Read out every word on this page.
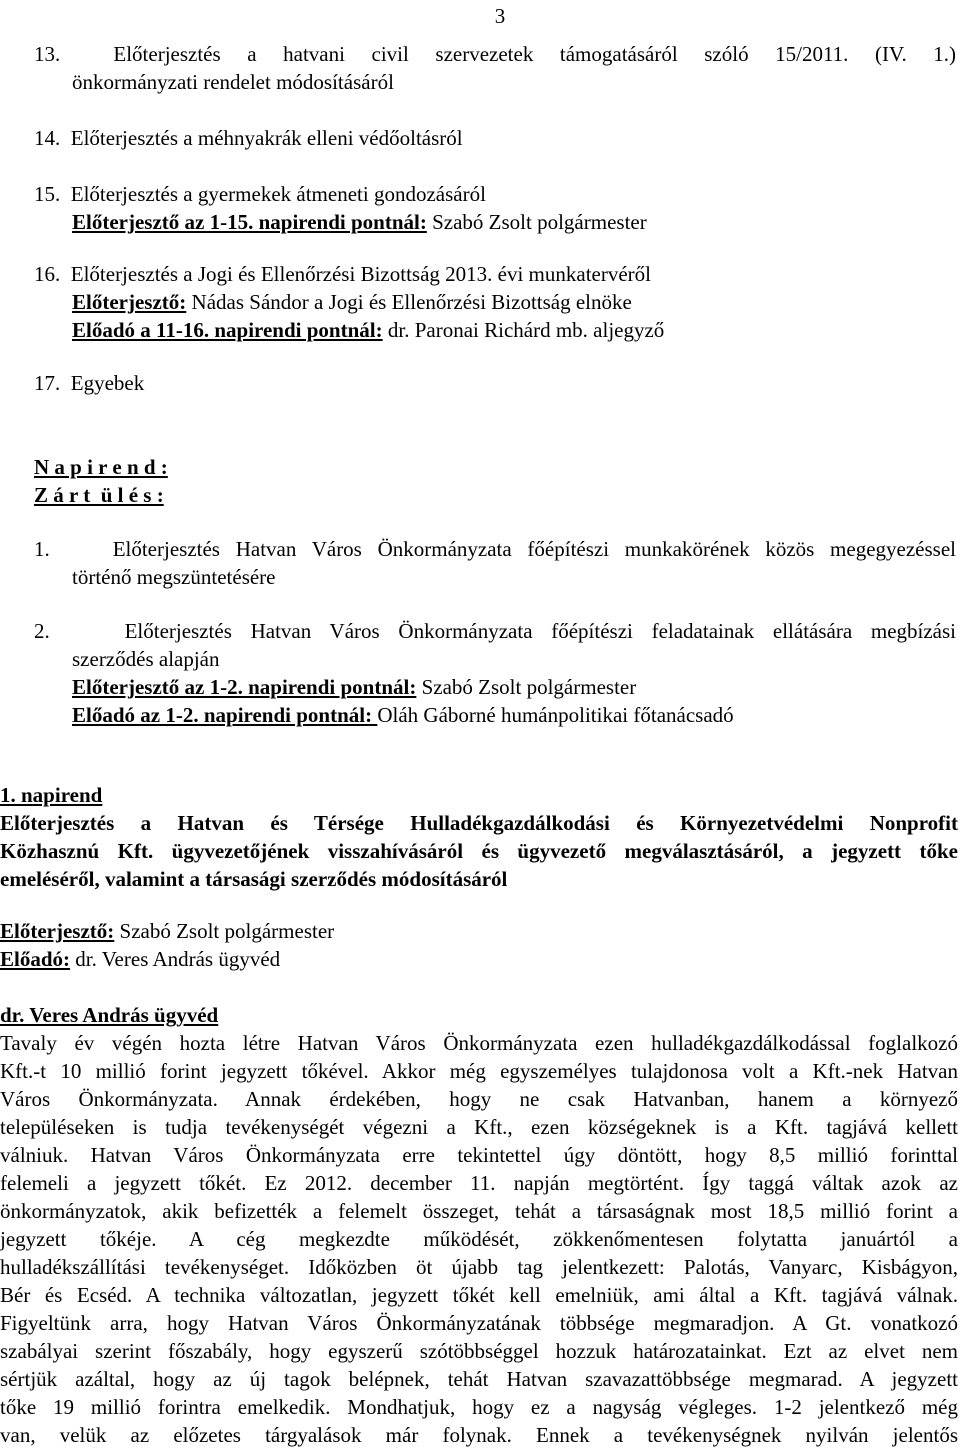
3
13.	Előterjesztés a hatvani civil szervezetek támogatásáról szóló 15/2011. (IV. 1.)
önkormányzati rendelet módosításáról
14. Előterjesztés a méhnyakrák elleni védőoltásról
15. Előterjesztés a gyermekek átmeneti gondozásáról
Előterjesztő az 1-15. napirendi pontnál: Szabó Zsolt polgármester
16. Előterjesztés a Jogi és Ellenőrzési Bizottság 2013. évi munkatervéről
Előterjesztő: Nádas Sándor a Jogi és Ellenőrzési Bizottság elnöke
Előadó a 11-16. napirendi pontnál: dr. Paronai Richárd mb. aljegyző
17. Egyebek
N a p i r e n d :
Z á r t  ü l é s :
1.	Előterjesztés Hatvan Város Önkormányzata főépítészi munkakörének közös megegyezéssel
történő megszüntetésére
2.	Előterjesztés Hatvan Város Önkormányzata főépítészi feladatainak ellátására megbízási
szerződés alapján
Előterjesztő az 1-2. napirendi pontnál: Szabó Zsolt polgármester
Előadó az 1-2. napirendi pontnál: Oláh Gáborné humánpolitikai főtanácsadó
1. napirend
Előterjesztés a Hatvan és Térsége Hulladékgazdálkodási és Környezetvédelmi Nonprofit
Közhasznú Kft. ügyvezetőjének visszahívásáról és ügyvezető megválasztásáról, a jegyzett tőke
emeléséről, valamint a társasági szerződés módosításáról
Előterjesztő: Szabó Zsolt polgármester
Előadó: dr. Veres András ügyvéd
dr. Veres András ügyvéd
Tavaly év végén hozta létre Hatvan Város Önkormányzata ezen hulladékgazdálkodással foglalkozó
Kft.-t 10 millió forint jegyzett tőkével. Akkor még egyszemélyes tulajdonosa volt a Kft.-nek Hatvan
Város Önkormányzata. Annak érdekében, hogy ne csak Hatvanban, hanem a környező
településeken is tudja tevékenységét végezni a Kft., ezen községeknek is a Kft. tagjává kellett
válniuk. Hatvan Város Önkormányzata erre tekintettel úgy döntött, hogy 8,5 millió forinttal
felemeli a jegyzett tőkét. Ez 2012. december 11. napján megtörtént. Így taggá váltak azok az
önkormányzatok, akik befizették a felemelt összeget, tehát a társaságnak most 18,5 millió forint a
jegyzett tőkéje. A cég megkezdte működését, zökkenőmentesen folytatta januártól a
hulladékszállítási tevékenységet. Időközben öt újabb tag jelentkezett: Palotás, Vanyarc, Kisbágyon,
Bér és Ecséd. A technika változatlan, jegyzett tőkét kell emelniük, ami által a Kft. tagjává válnak.
Figyeltünk arra, hogy Hatvan Város Önkormányzatának többsége megmaradjon. A Gt. vonatkozó
szabályai szerint főszabály, hogy egyszerű szótöbbséggel hozzuk határozatainkat. Ezt az elvet nem
sértjük azáltal, hogy az új tagok belépnek, tehát Hatvan szavazattöbbsége megmarad. A jegyzett
tőke 19 millió forintra emelkedik. Mondhatjuk, hogy ez a nagyság végleges. 1-2 jelentkező még
van, velük az előzetes tárgyalások már folynak. Ennek a tevékenységnek nyilván jelentős
